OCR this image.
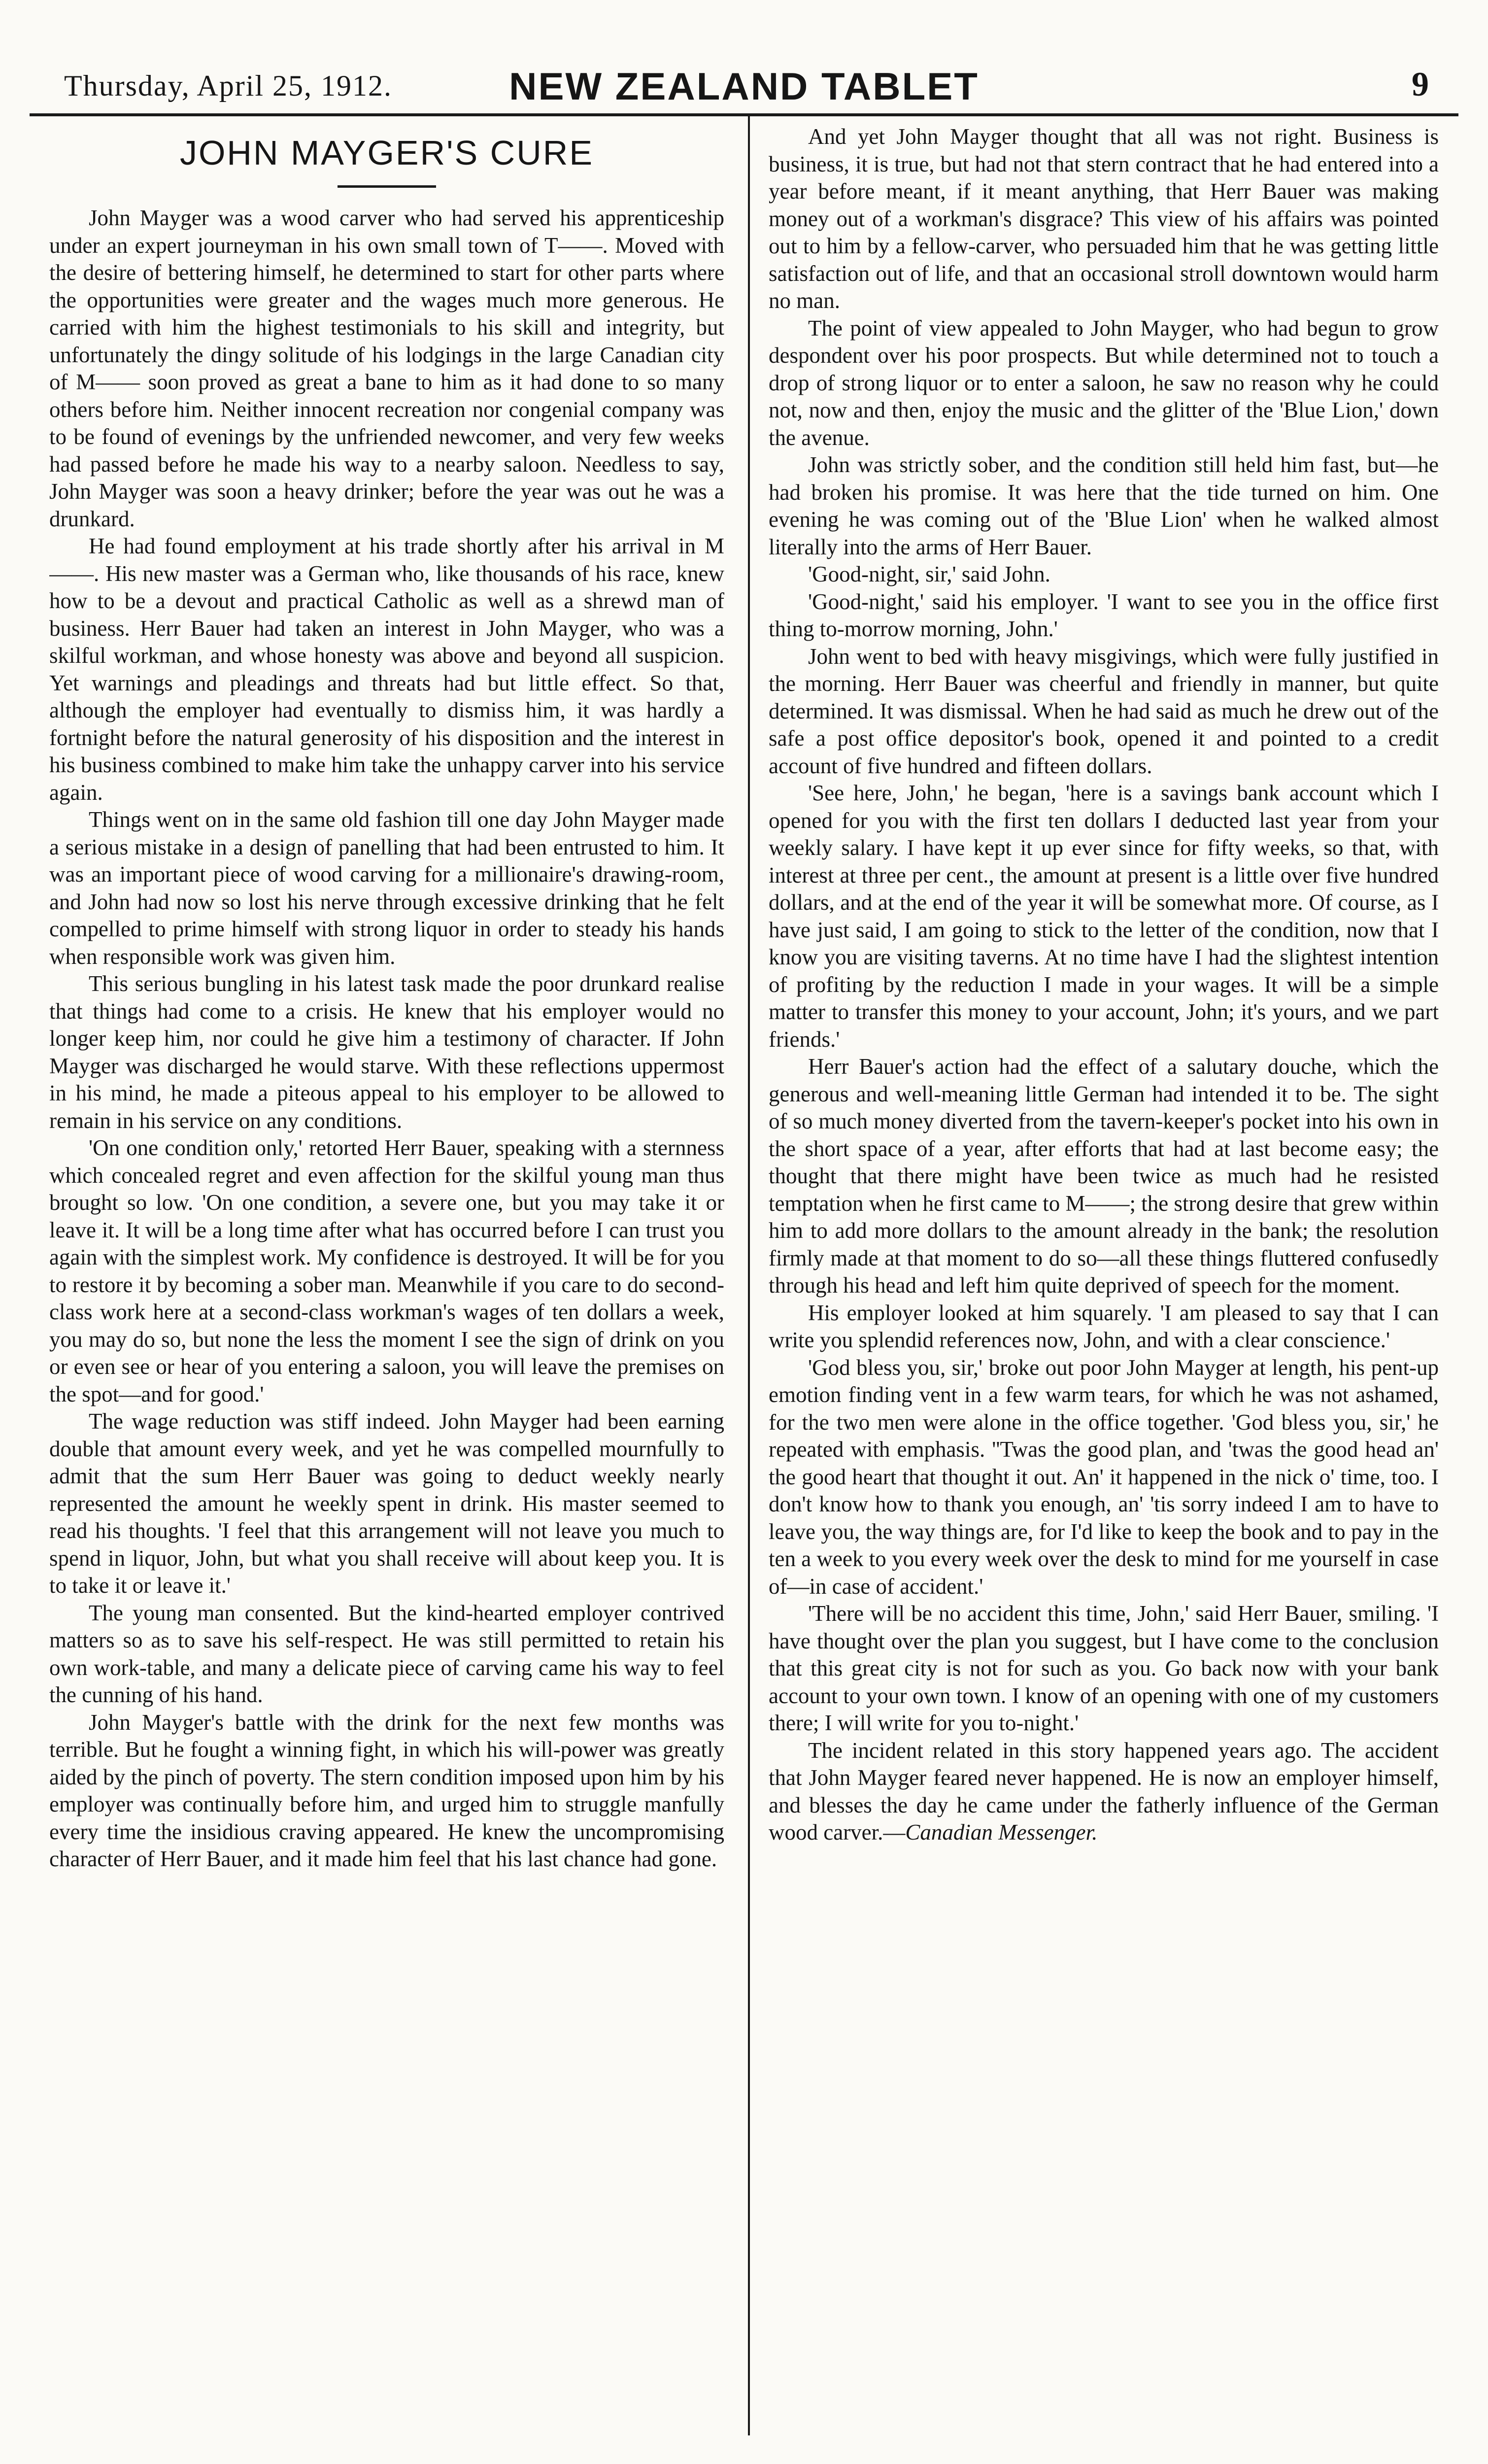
Thursday, April 25, 1912.	NEW ZEALAND TABLET	9
JOHN MAYGER'S CURE

John Mayger was a wood carver who had served his apprenticeship under an expert journeyman in his own small town of T——. Moved with the desire of bettering himself, he determined to start for other parts where the opportunities were greater and the wages much more generous. He carried with him the highest testimonials to his skill and integrity, but unfortunately the dingy solitude of his lodgings in the large Canadian city of M—— soon proved as great a bane to him as it had done to so many others before him. Neither innocent recreation nor congenial company was to be found of evenings by the unfriended newcomer, and very few weeks had passed before he made his way to a nearby saloon. Needless to say, John Mayger was soon a heavy drinker; before the year was out he was a drunkard.

He had found employment at his trade shortly after his arrival in M——. His new master was a German who, like thousands of his race, knew how to be a devout and practical Catholic as well as a shrewd man of business. Herr Bauer had taken an interest in John Mayger, who was a skilful workman, and whose honesty was above and beyond all suspicion. Yet warnings and pleadings and threats had but little effect. So that, although the employer had eventually to dismiss him, it was hardly a fortnight before the natural generosity of his disposition and the interest in his business combined to make him take the unhappy carver into his service again.

Things went on in the same old fashion till one day John Mayger made a serious mistake in a design of panelling that had been entrusted to him. It was an important piece of wood carving for a millionaire's drawing-room, and John had now so lost his nerve through excessive drinking that he felt compelled to prime himself with strong liquor in order to steady his hands when responsible work was given him.

This serious bungling in his latest task made the poor drunkard realise that things had come to a crisis. He knew that his employer would no longer keep him, nor could he give him a testimony of character. If John Mayger was discharged he would starve. With these reflections uppermost in his mind, he made a piteous appeal to his employer to be allowed to remain in his service on any conditions.

'On one condition only,' retorted Herr Bauer, speaking with a sternness which concealed regret and even affection for the skilful young man thus brought so low. 'On one condition, a severe one, but you may take it or leave it. It will be a long time after what has occurred before I can trust you again with the simplest work. My confidence is destroyed. It will be for you to restore it by becoming a sober man. Meanwhile if you care to do second-class work here at a second-class workman's wages of ten dollars a week, you may do so, but none the less the moment I see the sign of drink on you or even see or hear of you entering a saloon, you will leave the premises on the spot—and for good.'

The wage reduction was stiff indeed. John Mayger had been earning double that amount every week, and yet he was compelled mournfully to admit that the sum Herr Bauer was going to deduct weekly nearly represented the amount he weekly spent in drink. His master seemed to read his thoughts. 'I feel that this arrangement will not leave you much to spend in liquor, John, but what you shall receive will about keep you. It is to take it or leave it.'

The young man consented. But the kind-hearted employer contrived matters so as to save his self-respect. He was still permitted to retain his own work-table, and many a delicate piece of carving came his way to feel the cunning of his hand.

John Mayger's battle with the drink for the next few months was terrible. But he fought a winning fight, in which his will-power was greatly aided by the pinch of poverty. The stern condition imposed upon him by his employer was continually before him, and urged him to struggle manfully every time the insidious craving appeared. He knew the uncompromising character of Herr Bauer, and it made him feel that his last chance had gone.

And yet John Mayger thought that all was not right. Business is business, it is true, but had not that stern contract that he had entered into a year before meant, if it meant anything, that Herr Bauer was making money out of a workman's disgrace? This view of his affairs was pointed out to him by a fellow-carver, who persuaded him that he was getting little satisfaction out of life, and that an occasional stroll downtown would harm no man.

The point of view appealed to John Mayger, who had begun to grow despondent over his poor prospects. But while determined not to touch a drop of strong liquor or to enter a saloon, he saw no reason why he could not, now and then, enjoy the music and the glitter of the 'Blue Lion,' down the avenue.

John was strictly sober, and the condition still held him fast, but—he had broken his promise. It was here that the tide turned on him. One evening he was coming out of the 'Blue Lion' when he walked almost literally into the arms of Herr Bauer.

'Good-night, sir,' said John.

'Good-night,' said his employer. 'I want to see you in the office first thing to-morrow morning, John.'

John went to bed with heavy misgivings, which were fully justified in the morning. Herr Bauer was cheerful and friendly in manner, but quite determined. It was dismissal. When he had said as much he drew out of the safe a post office depositor's book, opened it and pointed to a credit account of five hundred and fifteen dollars.

'See here, John,' he began, 'here is a savings bank account which I opened for you with the first ten dollars I deducted last year from your weekly salary. I have kept it up ever since for fifty weeks, so that, with interest at three per cent., the amount at present is a little over five hundred dollars, and at the end of the year it will be somewhat more. Of course, as I have just said, I am going to stick to the letter of the condition, now that I know you are visiting taverns. At no time have I had the slightest intention of profiting by the reduction I made in your wages. It will be a simple matter to transfer this money to your account, John; it's yours, and we part friends.'

Herr Bauer's action had the effect of a salutary douche, which the generous and well-meaning little German had intended it to be. The sight of so much money diverted from the tavern-keeper's pocket into his own in the short space of a year, after efforts that had at last become easy; the thought that there might have been twice as much had he resisted temptation when he first came to M——; the strong desire that grew within him to add more dollars to the amount already in the bank; the resolution firmly made at that moment to do so—all these things fluttered confusedly through his head and left him quite deprived of speech for the moment.

His employer looked at him squarely. 'I am pleased to say that I can write you splendid references now, John, and with a clear conscience.'

'God bless you, sir,' broke out poor John Mayger at length, his pent-up emotion finding vent in a few warm tears, for which he was not ashamed, for the two men were alone in the office together. 'God bless you, sir,' he repeated with emphasis. ''Twas the good plan, and 'twas the good head an' the good heart that thought it out. An' it happened in the nick o' time, too. I don't know how to thank you enough, an' 'tis sorry indeed I am to have to leave you, the way things are, for I'd like to keep the book and to pay in the ten a week to you every week over the desk to mind for me yourself in case of—in case of accident.'

'There will be no accident this time, John,' said Herr Bauer, smiling. 'I have thought over the plan you suggest, but I have come to the conclusion that this great city is not for such as you. Go back now with your bank account to your own town. I know of an opening with one of my customers there; I will write for you to-night.'

The incident related in this story happened years ago. The accident that John Mayger feared never happened. He is now an employer himself, and blesses the day he came under the fatherly influence of the German wood carver.—Canadian Messenger.
